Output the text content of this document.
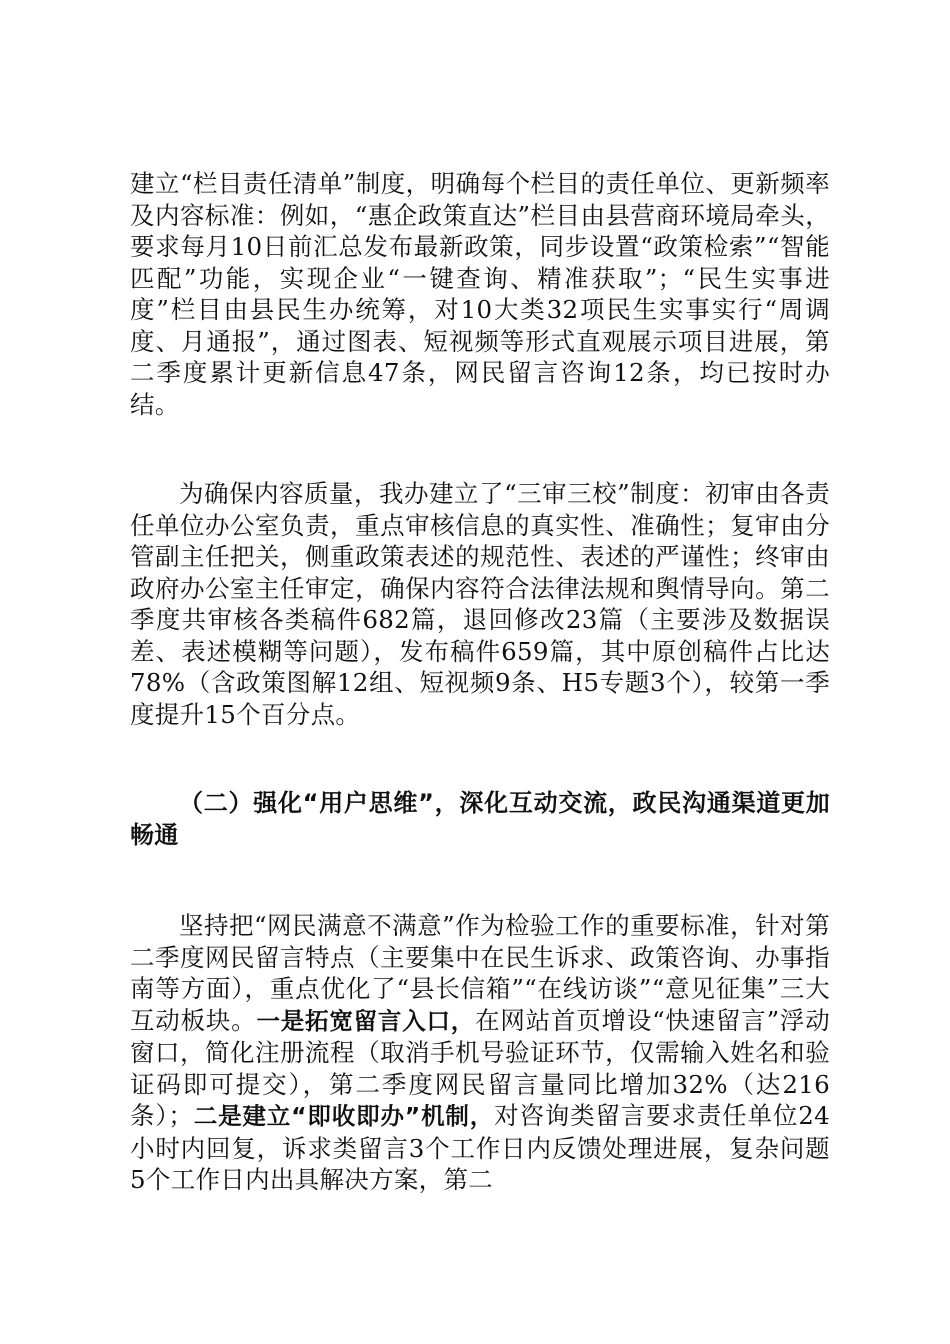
建立“栏目责任清单”制度，明确每个栏目的责任单位、更新频率及内容标准：例如，“惠企政策直达”栏目由县营商环境局牵头，要求每月10日前汇总发布最新政策，同步设置“政策检索”“智能匹配”功能，实现企业“一键查询、精准获取”；“民生实事进度”栏目由县民生办统筹，对10大类32项民生实事实行“周调度、月通报”，通过图表、短视频等形式直观展示项目进展，第二季度累计更新信息47条，网民留言咨询12条，均已按时办结。

为确保内容质量，我办建立了“三审三校”制度：初审由各责任单位办公室负责，重点审核信息的真实性、准确性；复审由分管副主任把关，侧重政策表述的规范性、表述的严谨性；终审由政府办公室主任审定，确保内容符合法律法规和舆情导向。第二季度共审核各类稿件682篇，退回修改23篇（主要涉及数据误差、表述模糊等问题），发布稿件659篇，其中原创稿件占比达78%（含政策图解12组、短视频9条、H5专题3个），较第一季度提升15个百分点。

（二）强化“用户思维”，深化互动交流，政民沟通渠道更加畅通

坚持把“网民满意不满意”作为检验工作的重要标准，针对第二季度网民留言特点（主要集中在民生诉求、政策咨询、办事指南等方面），重点优化了“县长信箱”“在线访谈”“意见征集”三大互动板块。一是拓宽留言入口，在网站首页增设“快速留言”浮动窗口，简化注册流程（取消手机号验证环节，仅需输入姓名和验证码即可提交），第二季度网民留言量同比增加32%（达216条）；二是建立“即收即办”机制，对咨询类留言要求责任单位24小时内回复，诉求类留言3个工作日内反馈处理进展，复杂问题5个工作日内出具解决方案，第二
